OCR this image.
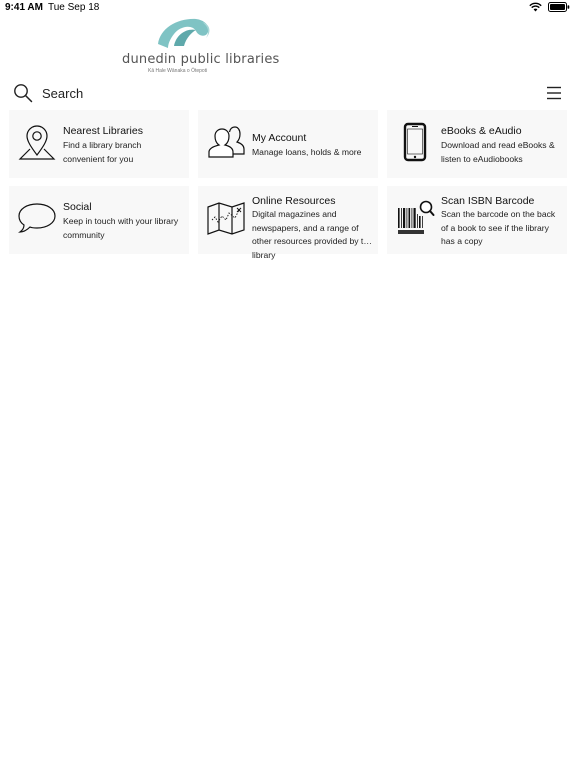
9:41 AM Tue Sep 18
dunedin public libraries
Kā Hale Wānaka o Ōtepoti
Search
Nearest Libraries
Find a library branch convenient for you
My Account
Manage loans, holds & more
eBooks & eAudio
Download and read eBooks & listen to eAudiobooks
Social
Keep in touch with your library community
Online Resources
Digital magazines and newspapers, and a range of other resources provided by the library
Scan ISBN Barcode
Scan the barcode on the back of a book to see if the library has a copy
